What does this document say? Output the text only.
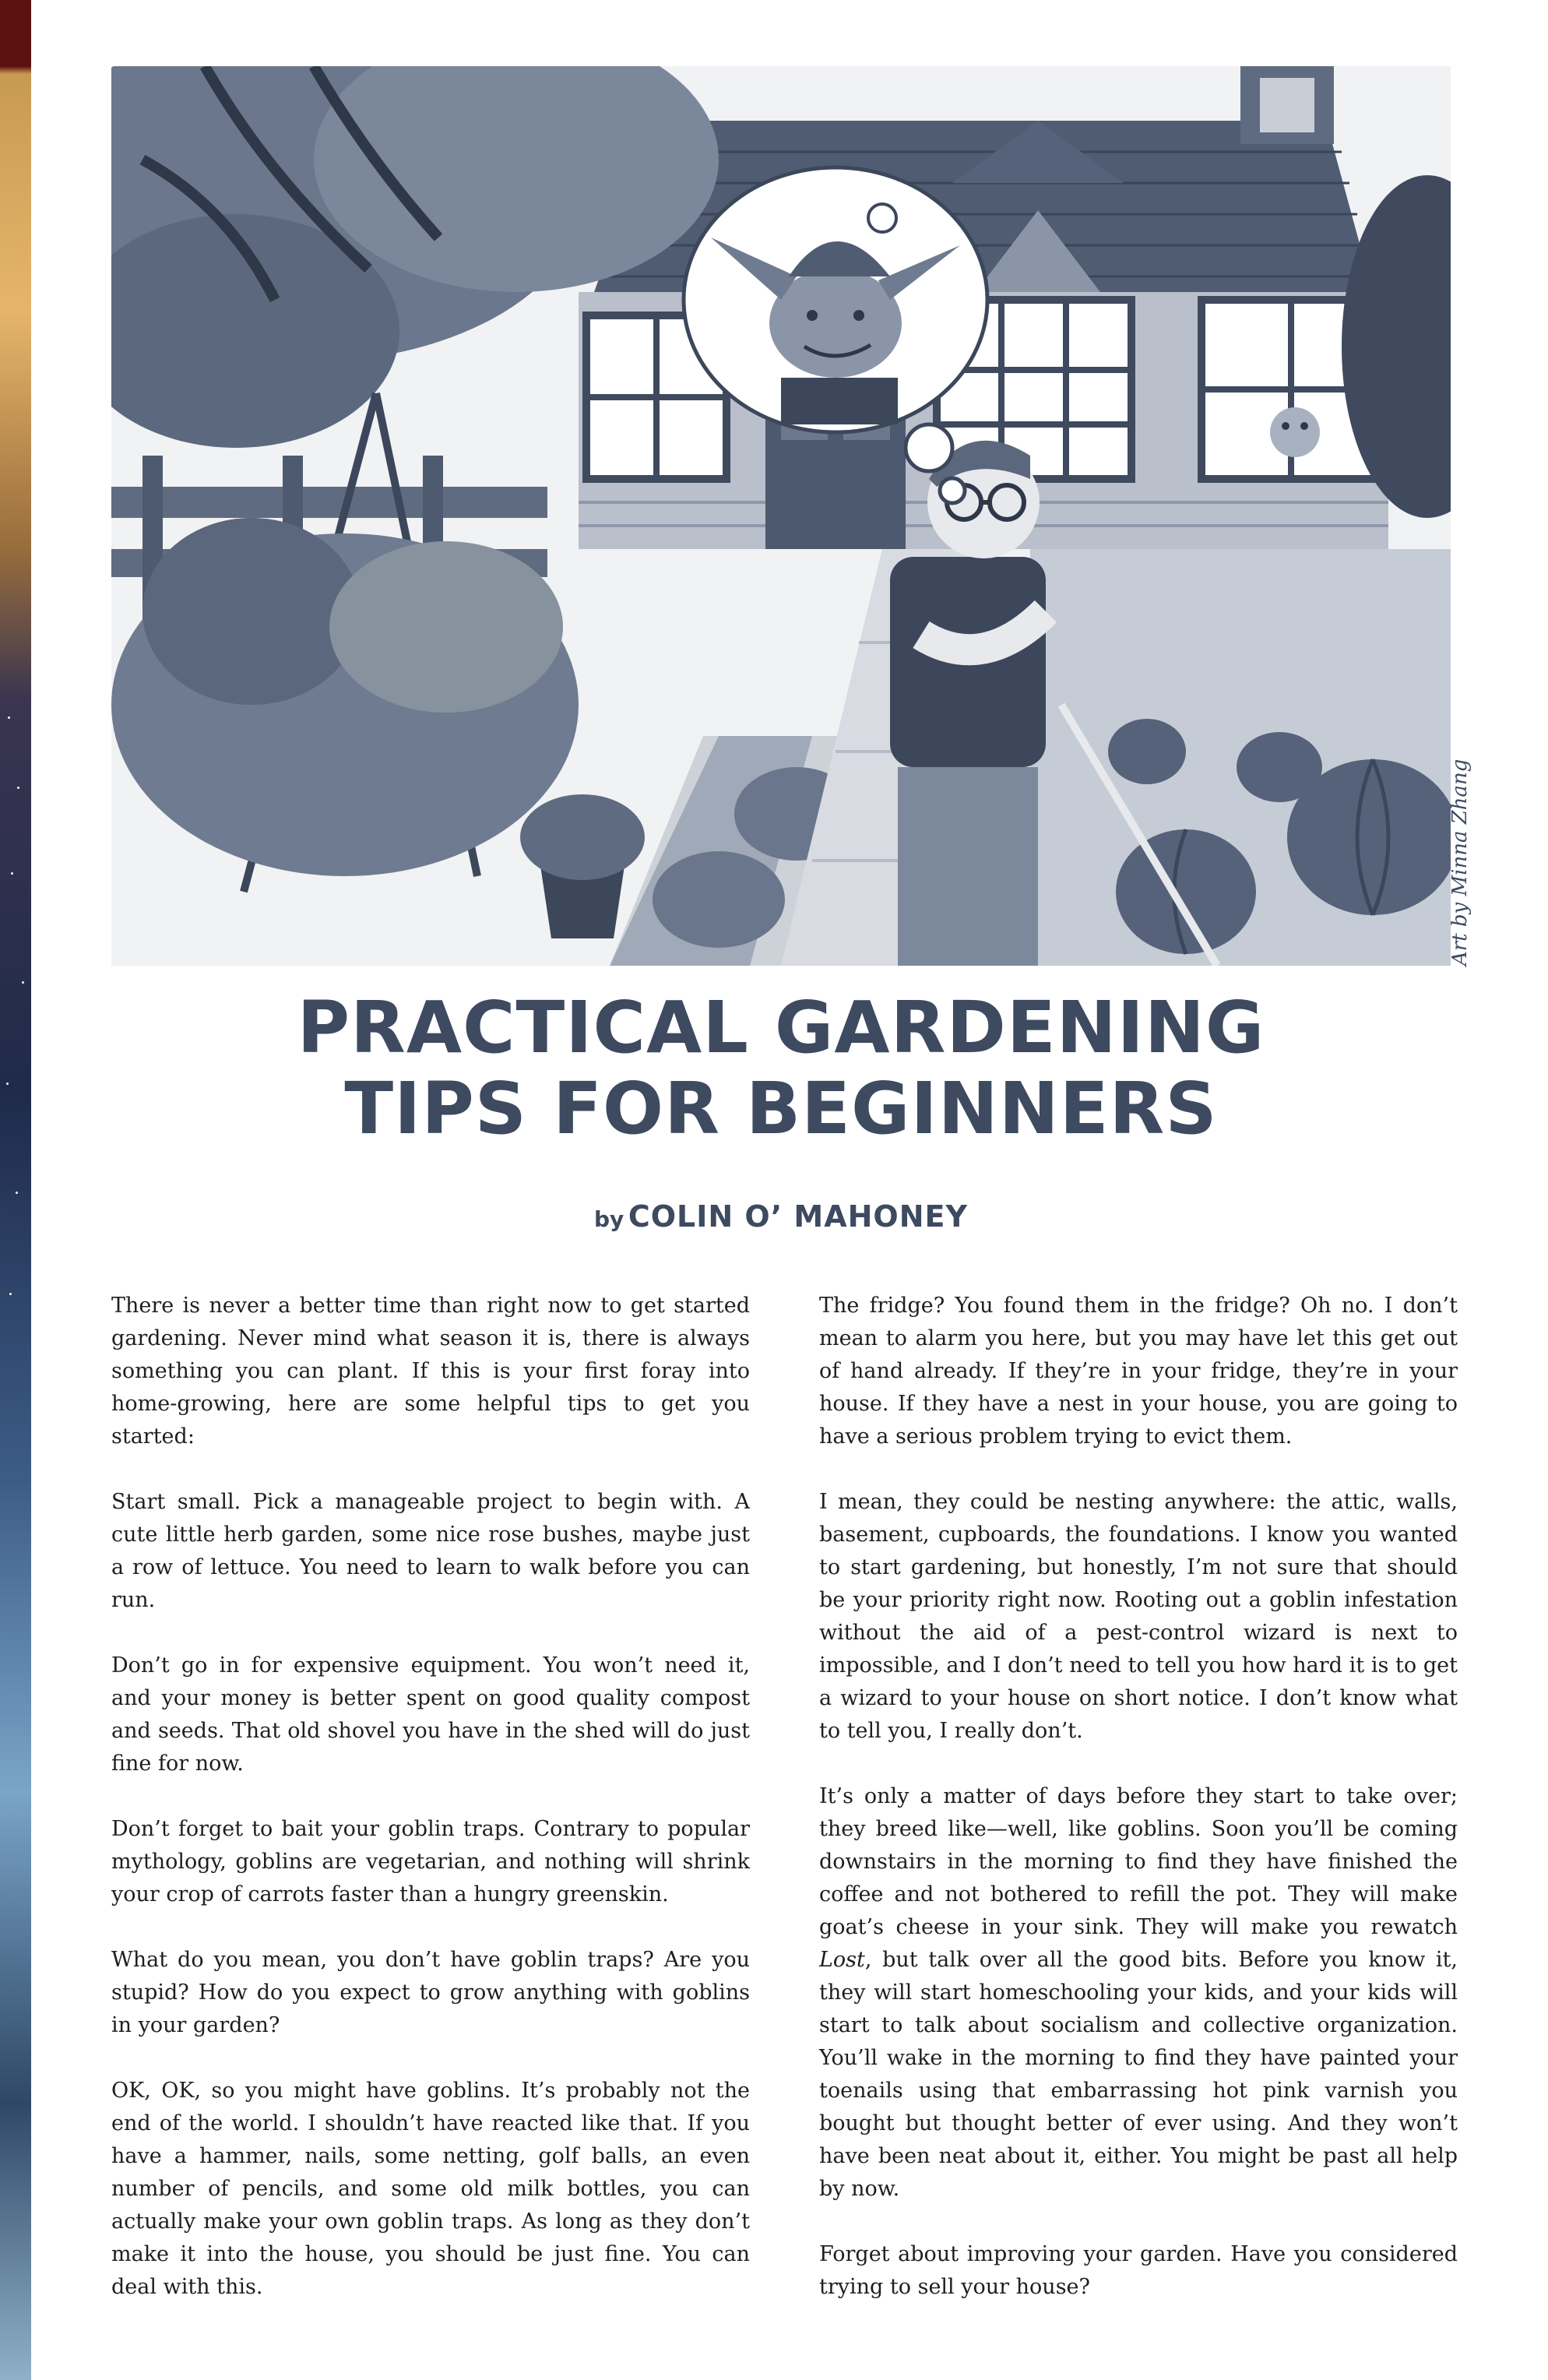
Art by Minna Zhang
PRACTICAL GARDENING
TIPS FOR BEGINNERS

by COLIN O’ MAHONEY

There is never a better time than right now to get started gardening. Never mind what season it is, there is always something you can plant. If this is your first foray into home-growing, here are some helpful tips to get you started:

Start small. Pick a manageable project to begin with. A cute little herb garden, some nice rose bushes, maybe just a row of lettuce. You need to learn to walk before you can run.

Don’t go in for expensive equipment. You won’t need it, and your money is better spent on good quality compost and seeds. That old shovel you have in the shed will do just fine for now.

Don’t forget to bait your goblin traps. Contrary to popular mythology, goblins are vegetarian, and nothing will shrink your crop of carrots faster than a hungry greenskin.

What do you mean, you don’t have goblin traps? Are you stupid? How do you expect to grow anything with goblins in your garden?

OK, OK, so you might have goblins. It’s probably not the end of the world. I shouldn’t have reacted like that. If you have a hammer, nails, some netting, golf balls, an even number of pencils, and some old milk bottles, you can actually make your own goblin traps. As long as they don’t make it into the house, you should be just fine. You can deal with this.

The fridge? You found them in the fridge? Oh no. I don’t mean to alarm you here, but you may have let this get out of hand already. If they’re in your fridge, they’re in your house. If they have a nest in your house, you are going to have a serious problem trying to evict them.

I mean, they could be nesting anywhere: the attic, walls, basement, cupboards, the foundations. I know you wanted to start gardening, but honestly, I’m not sure that should be your priority right now. Rooting out a goblin infestation without the aid of a pest-control wizard is next to impossible, and I don’t need to tell you how hard it is to get a wizard to your house on short notice. I don’t know what to tell you, I really don’t.

It’s only a matter of days before they start to take over; they breed like—well, like goblins. Soon you’ll be coming downstairs in the morning to find they have finished the coffee and not bothered to refill the pot. They will make goat’s cheese in your sink. They will make you rewatch Lost, but talk over all the good bits. Before you know it, they will start homeschooling your kids, and your kids will start to talk about socialism and collective organization. You’ll wake in the morning to find they have painted your toenails using that embarrassing hot pink varnish you bought but thought better of ever using. And they won’t have been neat about it, either. You might be past all help by now.

Forget about improving your garden. Have you considered trying to sell your house?
